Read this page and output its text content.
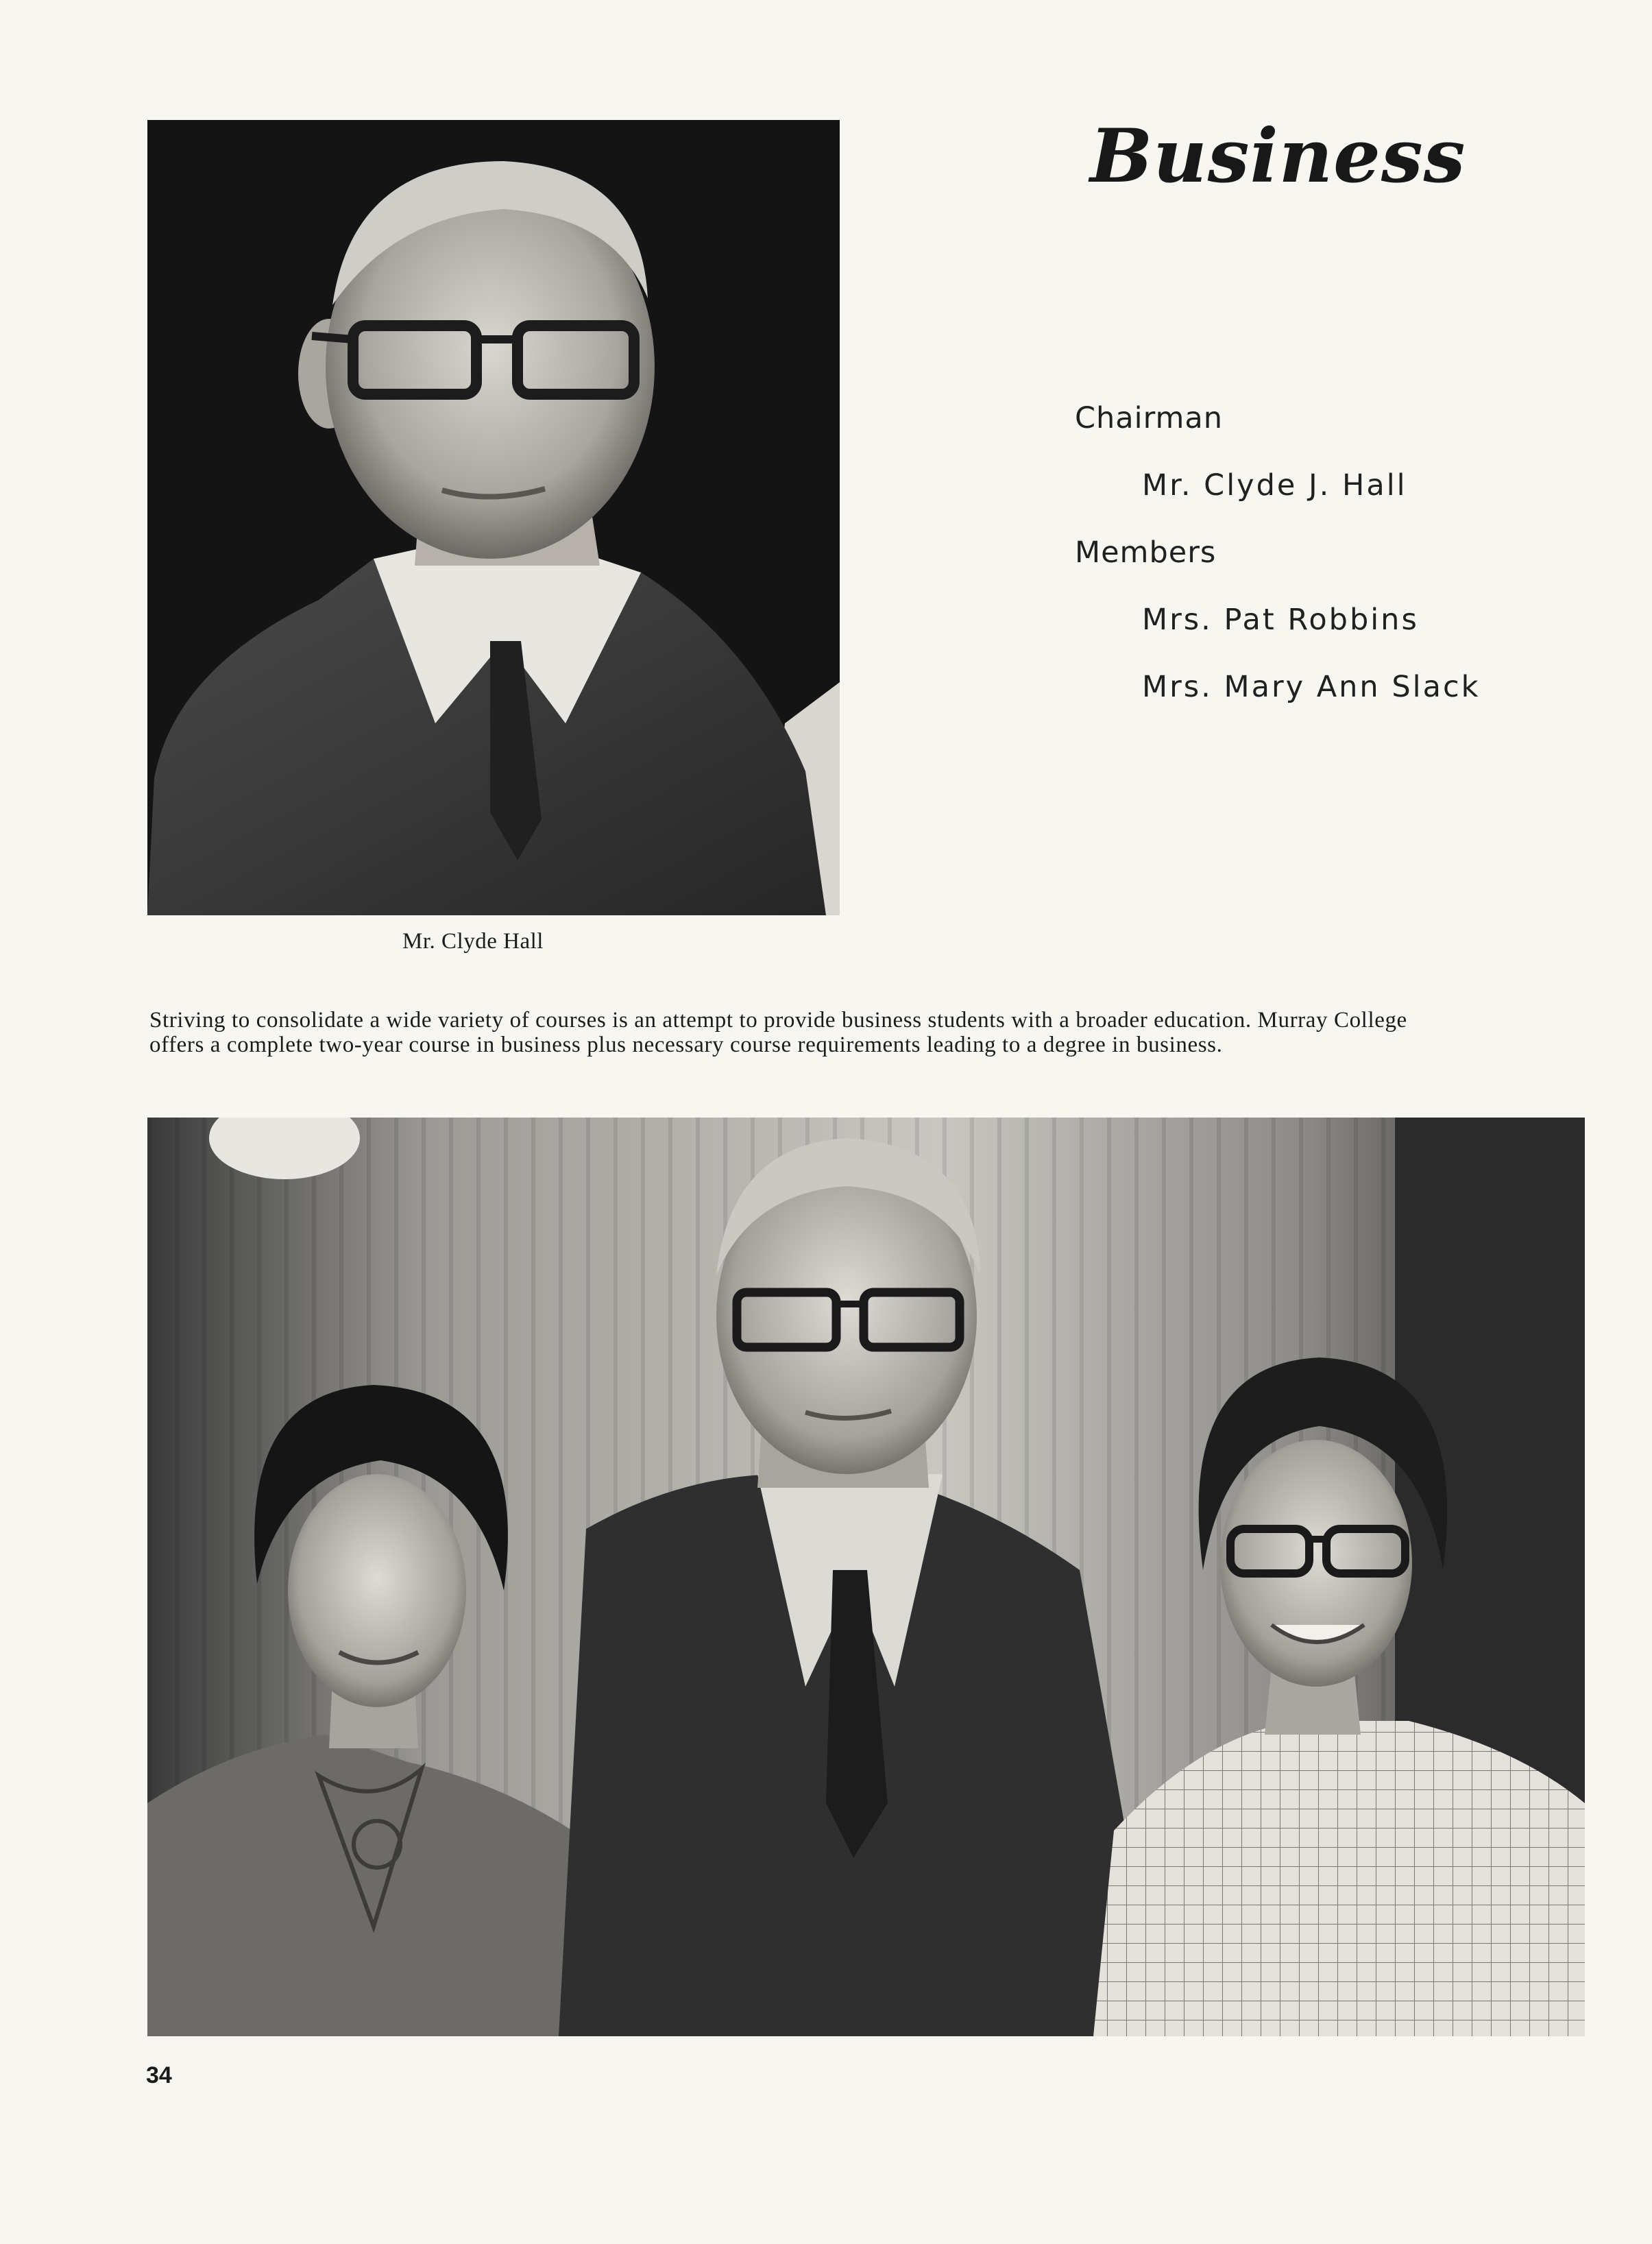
Mr. Clyde Hall
Business
Chairman
Mr. Clyde J. Hall
Members
Mrs. Pat Robbins
Mrs. Mary Ann Slack
Striving to consolidate a wide variety of courses is an attempt to provide business students with a broader education. Murray College offers a complete two-year course in business plus necessary course requirements leading to a degree in business.
34
